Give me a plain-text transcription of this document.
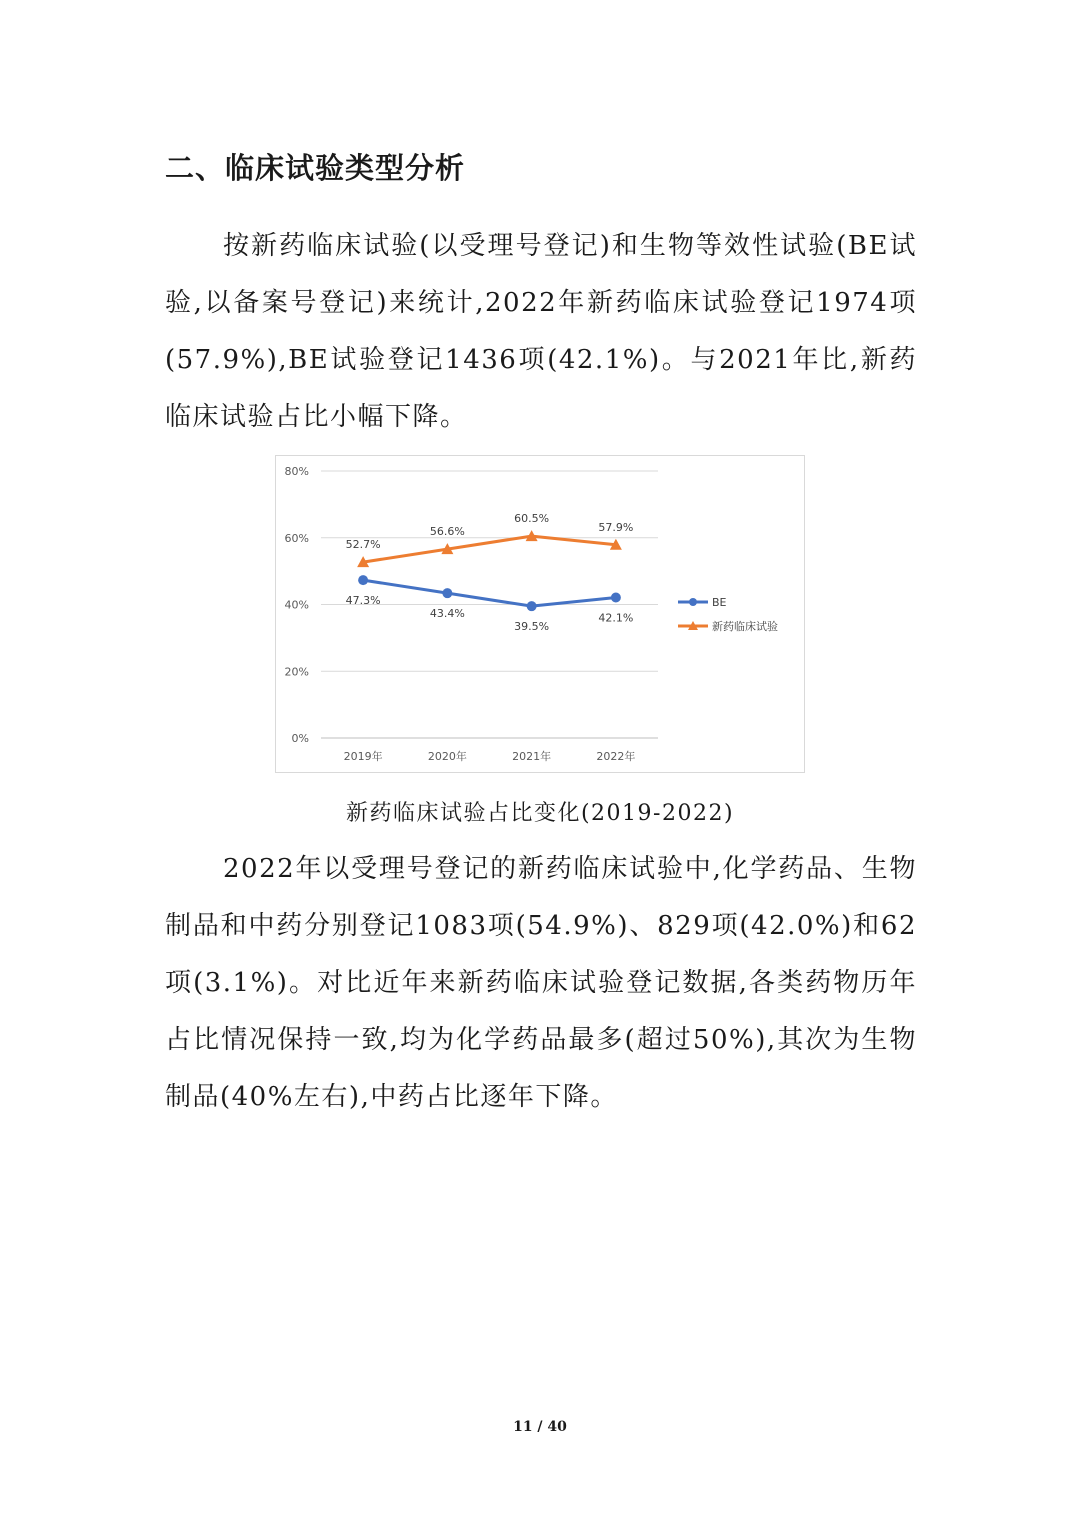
二、临床试验类型分析

按新药临床试验(以受理号登记)和生物等效性试验(BE试验,以备案号登记)来统计,2022年新药临床试验登记1974项(57.9%),BE试验登记1436项(42.1%)。与2021年比,新药临床试验占比小幅下降。

0%
20%
40%
60%
80%
2019年	2020年	2021年	2022年
47.3%
43.4%
39.5%
42.1%
52.7%
56.6%
60.5%
57.9%
BE
新药临床试验

新药临床试验占比变化(2019-2022)

2022年以受理号登记的新药临床试验中,化学药品、生物制品和中药分别登记1083项(54.9%)、829项(42.0%)和62项(3.1%)。对比近年来新药临床试验登记数据,各类药物历年占比情况保持一致,均为化学药品最多(超过50%),其次为生物制品(40%左右),中药占比逐年下降。

11 / 40
